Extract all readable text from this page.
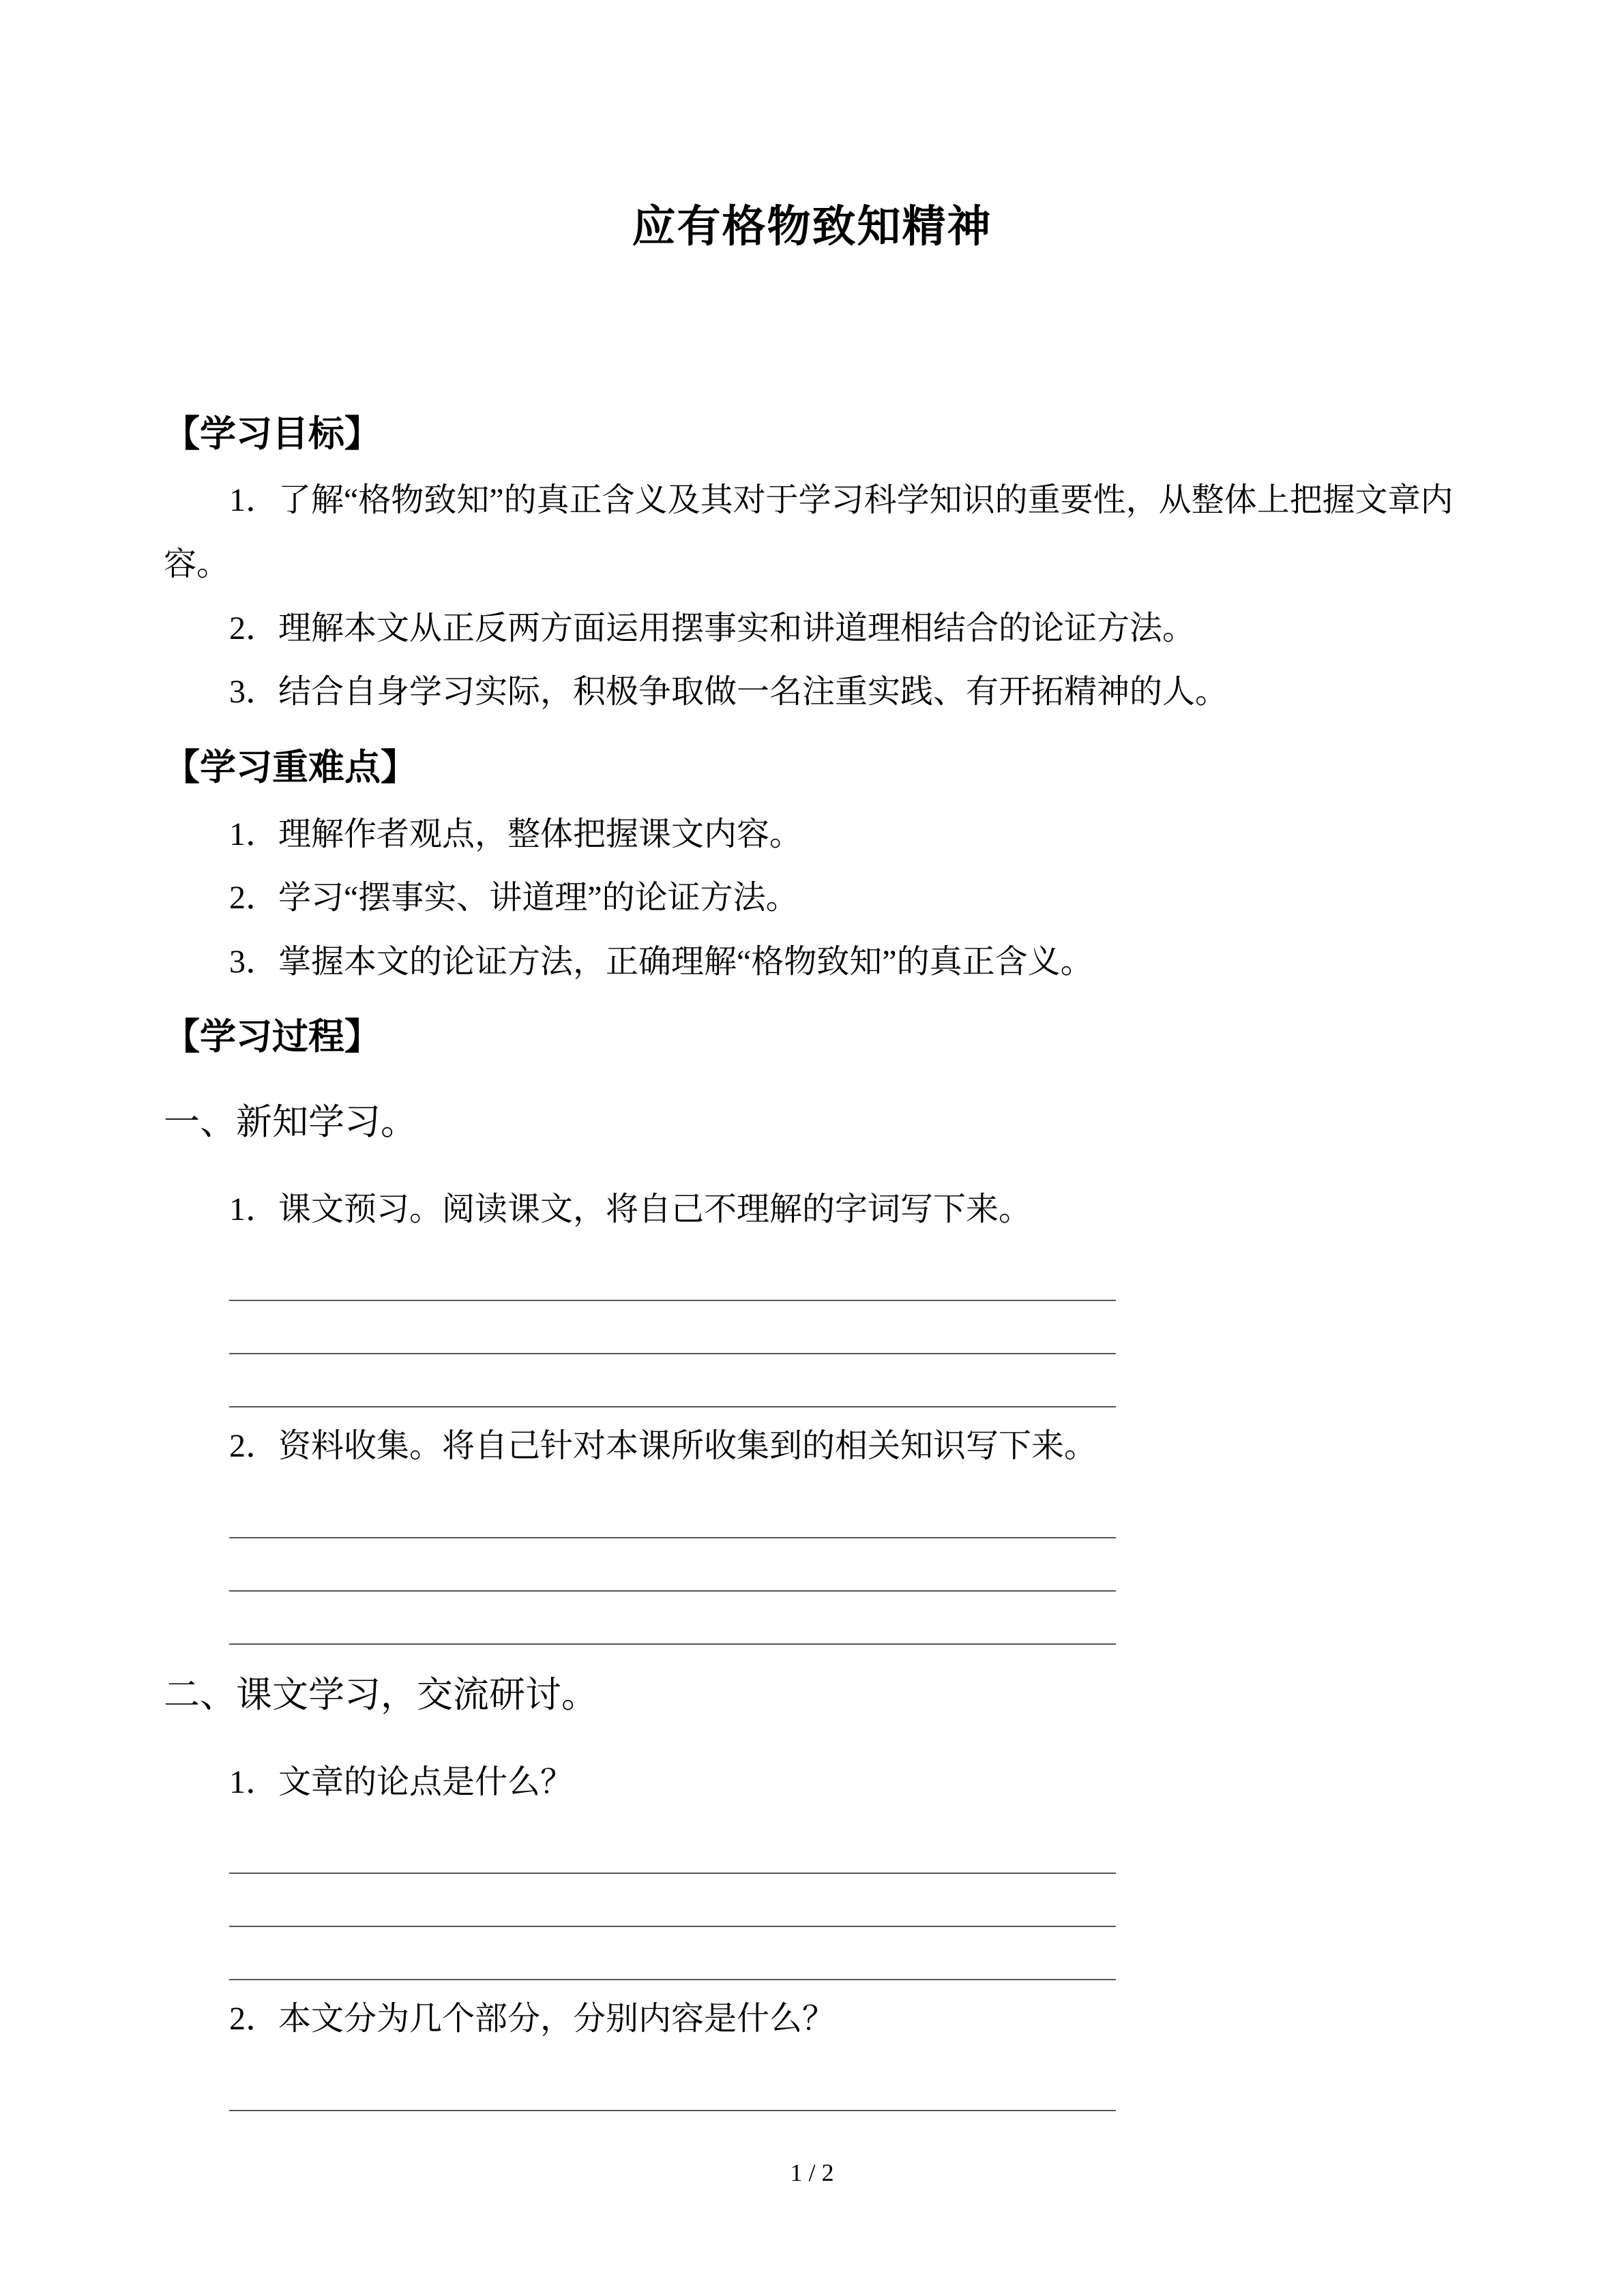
应有格物致知精神
【学习目标】

1．了解“格物致知”的真正含义及其对于学习科学知识的重要性，从整体上把握文章内容。

2．理解本文从正反两方面运用摆事实和讲道理相结合的论证方法。

3．结合自身学习实际，积极争取做一名注重实践、有开拓精神的人。

【学习重难点】

1．理解作者观点，整体把握课文内容。

2．学习“摆事实、讲道理”的论证方法。

3．掌握本文的论证方法，正确理解“格物致知”的真正含义。

【学习过程】

一、新知学习。

1．课文预习。阅读课文，将自己不理解的字词写下来。

2．资料收集。将自己针对本课所收集到的相关知识写下来。

二、课文学习，交流研讨。

1．文章的论点是什么？

2．本文分为几个部分，分别内容是什么？

1 / 2
